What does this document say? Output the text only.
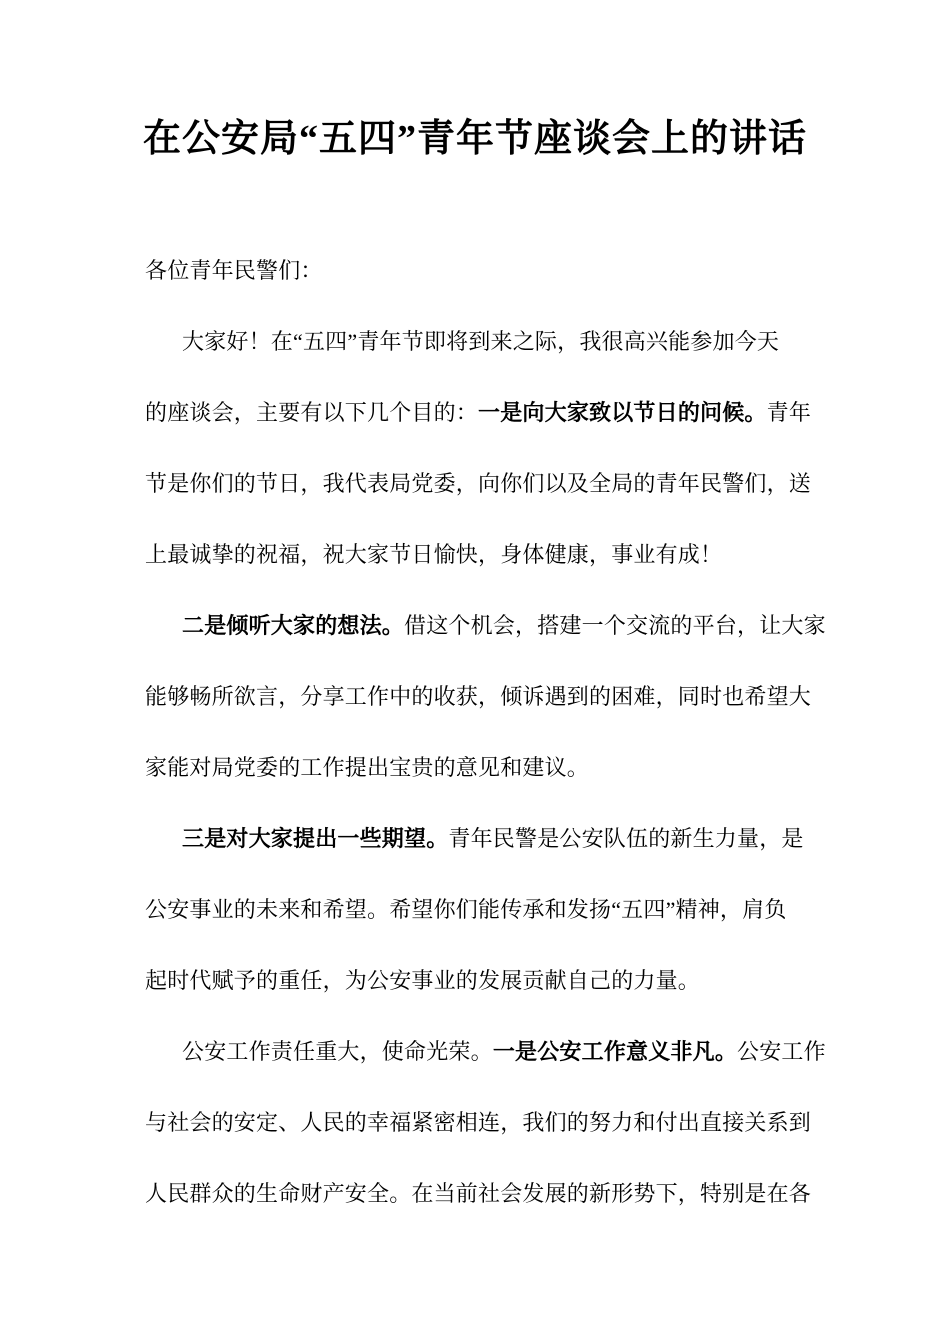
在公安局“五四”青年节座谈会上的讲话
各位青年民警们：
大家好！在“五四”青年节即将到来之际，我很高兴能参加今天
的座谈会，主要有以下几个目的：一是向大家致以节日的问候。青年
节是你们的节日，我代表局党委，向你们以及全局的青年民警们，送
上最诚挚的祝福，祝大家节日愉快，身体健康，事业有成！
二是倾听大家的想法。借这个机会，搭建一个交流的平台，让大家
能够畅所欲言，分享工作中的收获，倾诉遇到的困难，同时也希望大
家能对局党委的工作提出宝贵的意见和建议。
三是对大家提出一些期望。青年民警是公安队伍的新生力量，是
公安事业的未来和希望。希望你们能传承和发扬“五四”精神，肩负
起时代赋予的重任，为公安事业的发展贡献自己的力量。
公安工作责任重大，使命光荣。一是公安工作意义非凡。公安工作
与社会的安定、人民的幸福紧密相连，我们的努力和付出直接关系到
人民群众的生命财产安全。在当前社会发展的新形势下，特别是在各
